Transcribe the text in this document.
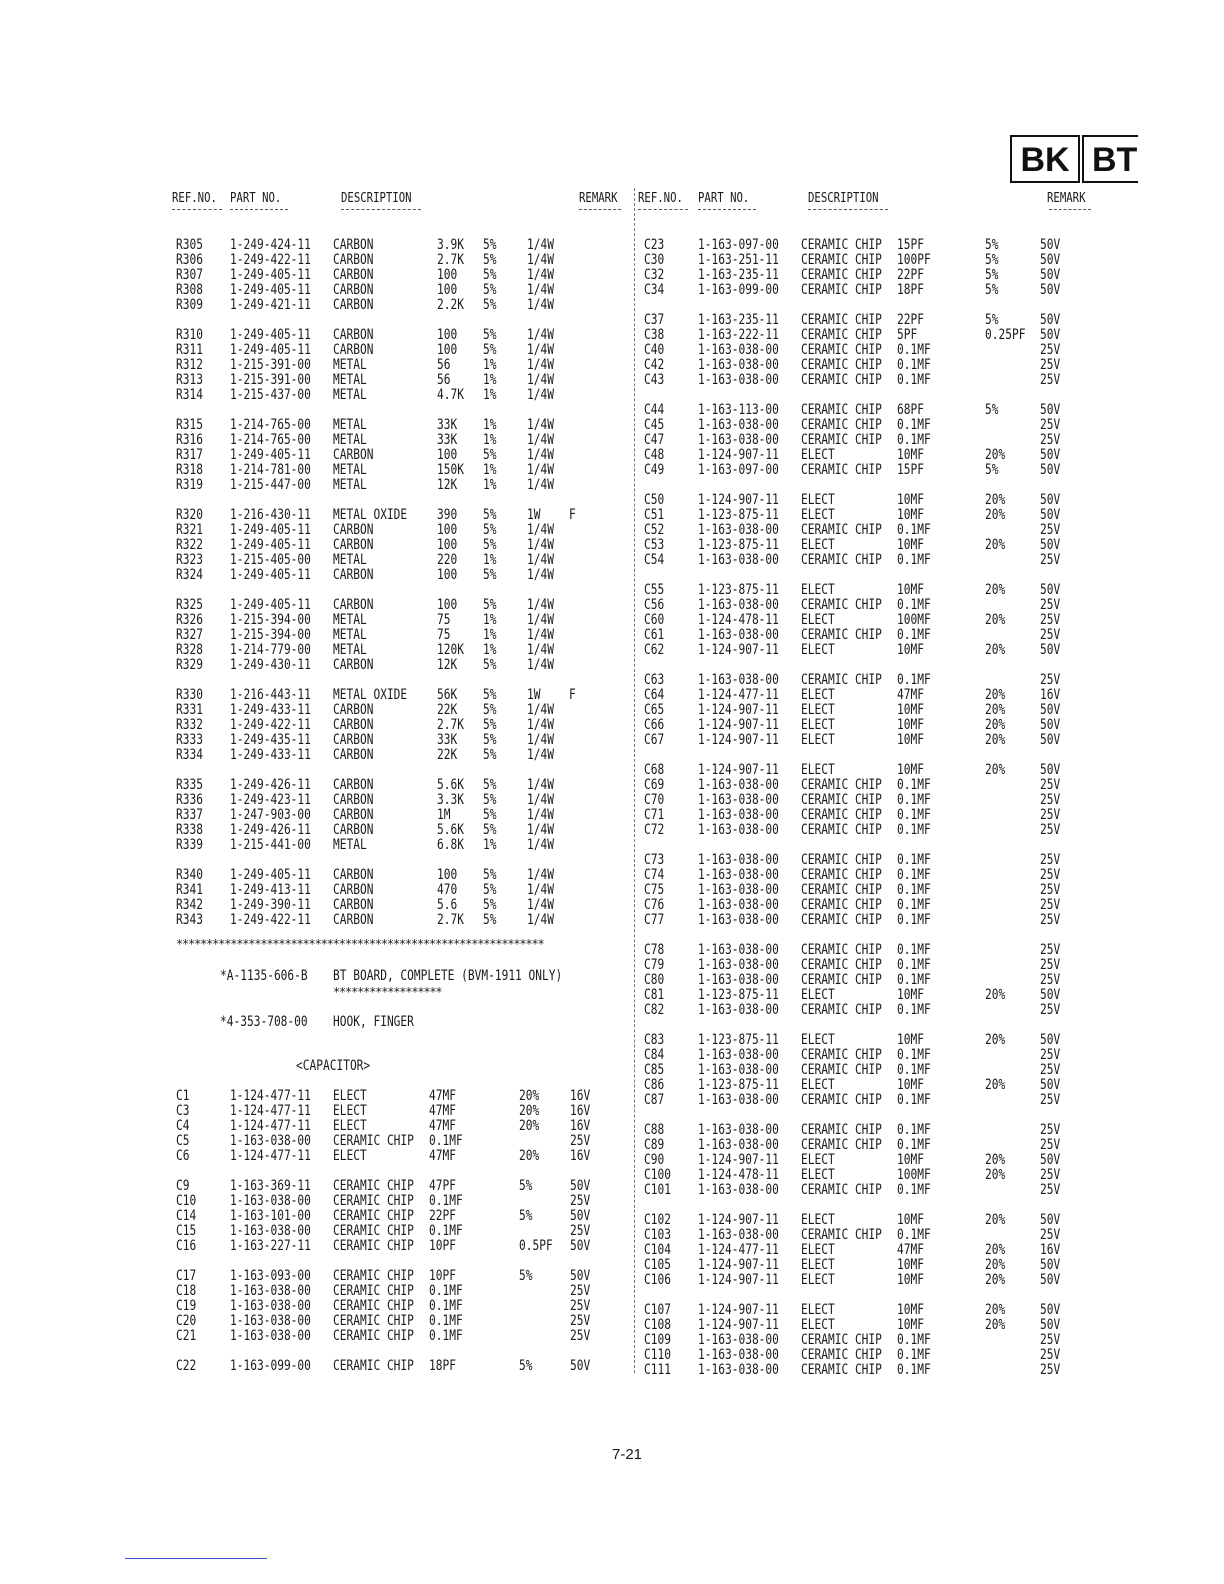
BK BT
REF.NO. PART NO.	DESCRIPTION	REMARK REF.NO. PART NO.	DESCRIPTION	REMARK
R305 1-249-424-11 CARBON	3.9K 5% 1/4W
R306 1-249-422-11 CARBON	2.7K 5% 1/4W
R307 1-249-405-11 CARBON	100 5% 1/4W
R308 1-249-405-11 CARBON	100 5% 1/4W
R309 1-249-421-11 CARBON	2.2K 5% 1/4W
R310 1-249-405-11 CARBON	100 5% 1/4W
R311 1-249-405-11 CARBON	100 5% 1/4W
R312 1-215-391-00 METAL	56 1% 1/4W
R313 1-215-391-00 METAL	56 1% 1/4W
R314 1-215-437-00 METAL	4.7K 1% 1/4W
R315 1-214-765-00 METAL	33K 1% 1/4W
R316 1-214-765-00 METAL	33K 1% 1/4W
R317 1-249-405-11 CARBON	100 5% 1/4W
R318 1-214-781-00 METAL	150K 1% 1/4W
R319 1-215-447-00 METAL	12K 1% 1/4W
R320 1-216-430-11 METAL OXIDE 390 5% 1W F
R321 1-249-405-11 CARBON	100 5% 1/4W
R322 1-249-405-11 CARBON	100 5% 1/4W
R323 1-215-405-00 METAL	220 1% 1/4W
R324 1-249-405-11 CARBON	100 5% 1/4W
R325 1-249-405-11 CARBON	100 5% 1/4W
R326 1-215-394-00 METAL	75 1% 1/4W
R327 1-215-394-00 METAL	75 1% 1/4W
R328 1-214-779-00 METAL	120K 1% 1/4W
R329 1-249-430-11 CARBON	12K 5% 1/4W
R330 1-216-443-11 METAL OXIDE 56K 5% 1W F
R331 1-249-433-11 CARBON	22K 5% 1/4W
R332 1-249-422-11 CARBON	2.7K 5% 1/4W
R333 1-249-435-11 CARBON	33K 5% 1/4W
R334 1-249-433-11 CARBON	22K 5% 1/4W
R335 1-249-426-11 CARBON	5.6K 5% 1/4W
R336 1-249-423-11 CARBON	3.3K 5% 1/4W
R337 1-247-903-00 CARBON	1M 5% 1/4W
R338 1-249-426-11 CARBON	5.6K 5% 1/4W
R339 1-215-441-00 METAL	6.8K 1% 1/4W
R340 1-249-405-11 CARBON	100 5% 1/4W
R341 1-249-413-11 CARBON	470 5% 1/4W
R342 1-249-390-11 CARBON	5.6 5% 1/4W
R343 1-249-422-11 CARBON	2.7K 5% 1/4W
C1	1-124-477-11 ELECT	47MF	20% 16V
C3	1-124-477-11 ELECT	47MF	20% 16V
C4	1-124-477-11 ELECT	47MF	20% 16V
C5	1-163-038-00 CERAMIC CHIP 0.1MF	25V
C6	1-124-477-11 ELECT	47MF	20% 16V
C9	1-163-369-11 CERAMIC CHIP 47PF	5%	50V
C10 1-163-038-00 CERAMIC CHIP 0.1MF	25V
C14 1-163-101-00 CERAMIC CHIP 22PF	5%	50V
C15 1-163-038-00 CERAMIC CHIP 0.1MF	25V
C16 1-163-227-11 CERAMIC CHIP 10PF	0.5PF 50V
C17 1-163-093-00 CERAMIC CHIP 10PF	5%	50V
C18 1-163-038-00 CERAMIC CHIP 0.1MF	25V
C19 1-163-038-00 CERAMIC CHIP 0.1MF	25V
C20 1-163-038-00 CERAMIC CHIP 0.1MF	25V
C21 1-163-038-00 CERAMIC CHIP 0.1MF	25V
C22 1-163-099-00 CERAMIC CHIP 18PF	5%	50V
C23 1-163-097-00 CERAMIC CHIP 15PF	5%	50V
C30 1-163-251-11 CERAMIC CHIP 100PF	5%	50V
C32 1-163-235-11 CERAMIC CHIP 22PF	5%	50V
C34 1-163-099-00 CERAMIC CHIP 18PF	5%	50V
C37 1-163-235-11 CERAMIC CHIP 22PF	5%	50V
C38 1-163-222-11 CERAMIC CHIP 5PF	0.25PF 50V
C40 1-163-038-00 CERAMIC CHIP 0.1MF	25V
C42 1-163-038-00 CERAMIC CHIP 0.1MF	25V
C43 1-163-038-00 CERAMIC CHIP 0.1MF	25V
C44 1-163-113-00 CERAMIC CHIP 68PF	5%	50V
C45 1-163-038-00 CERAMIC CHIP 0.1MF	25V
C47 1-163-038-00 CERAMIC CHIP 0.1MF	25V
C48 1-124-907-11 ELECT	10MF	20% 50V
C49 1-163-097-00 CERAMIC CHIP 15PF	5%	50V
C50 1-124-907-11 ELECT	10MF	20% 50V
C51 1-123-875-11 ELECT	10MF	20% 50V
C52 1-163-038-00 CERAMIC CHIP 0.1MF	25V
C53 1-123-875-11 ELECT	10MF	20% 50V
C54 1-163-038-00 CERAMIC CHIP 0.1MF	25V
C55 1-123-875-11 ELECT	10MF	20% 50V
C56 1-163-038-00 CERAMIC CHIP 0.1MF	25V
C60 1-124-478-11 ELECT	100MF	20% 25V
C61 1-163-038-00 CERAMIC CHIP 0.1MF	25V
C62 1-124-907-11 ELECT	10MF	20% 50V
C63 1-163-038-00 CERAMIC CHIP 0.1MF	25V
C64 1-124-477-11 ELECT	47MF	20% 16V
C65 1-124-907-11 ELECT	10MF	20% 50V
C66 1-124-907-11 ELECT	10MF	20% 50V
C67 1-124-907-11 ELECT	10MF	20% 50V
C68 1-124-907-11 ELECT	10MF	20% 50V
C69 1-163-038-00 CERAMIC CHIP 0.1MF	25V
C70 1-163-038-00 CERAMIC CHIP 0.1MF	25V
C71 1-163-038-00 CERAMIC CHIP 0.1MF	25V
C72 1-163-038-00 CERAMIC CHIP 0.1MF	25V
C73 1-163-038-00 CERAMIC CHIP 0.1MF	25V
C74 1-163-038-00 CERAMIC CHIP 0.1MF	25V
C75 1-163-038-00 CERAMIC CHIP 0.1MF	25V
C76 1-163-038-00 CERAMIC CHIP 0.1MF	25V
C77 1-163-038-00 CERAMIC CHIP 0.1MF	25V
C78 1-163-038-00 CERAMIC CHIP 0.1MF	25V
C79 1-163-038-00 CERAMIC CHIP 0.1MF	25V
C80 1-163-038-00 CERAMIC CHIP 0.1MF	25V
C81 1-123-875-11 ELECT	10MF	20% 50V
C82 1-163-038-00 CERAMIC CHIP 0.1MF	25V
C83 1-123-875-11 ELECT	10MF	20% 50V
C84 1-163-038-00 CERAMIC CHIP 0.1MF	25V
C85 1-163-038-00 CERAMIC CHIP 0.1MF	25V
C86 1-123-875-11 ELECT	10MF	20% 50V
C87 1-163-038-00 CERAMIC CHIP 0.1MF	25V
C88 1-163-038-00 CERAMIC CHIP 0.1MF	25V
C89 1-163-038-00 CERAMIC CHIP 0.1MF	25V
C90 1-124-907-11 ELECT	10MF	20% 50V
C100 1-124-478-11 ELECT	100MF	20% 25V
C101 1-163-038-00 CERAMIC CHIP 0.1MF	25V
C102 1-124-907-11 ELECT	10MF	20% 50V
C103 1-163-038-00 CERAMIC CHIP 0.1MF	25V
C104 1-124-477-11 ELECT	47MF	20% 16V
C105 1-124-907-11 ELECT	10MF	20% 50V
C106 1-124-907-11 ELECT	10MF	20% 50V
C107 1-124-907-11 ELECT	10MF	20% 50V
C108 1-124-907-11 ELECT	10MF	20% 50V
C109 1-163-038-00 CERAMIC CHIP 0.1MF	25V
C110 1-163-038-00 CERAMIC CHIP 0.1MF	25V
C111 1-163-038-00 CERAMIC CHIP 0.1MF	25V
*************************************************************

*A-1135-606-B

BT BOARD, COMPLETE (BVM-1911 ONLY)

******************

*4-353-708-00

HOOK, FINGER

<CAPACITOR>
7-21
